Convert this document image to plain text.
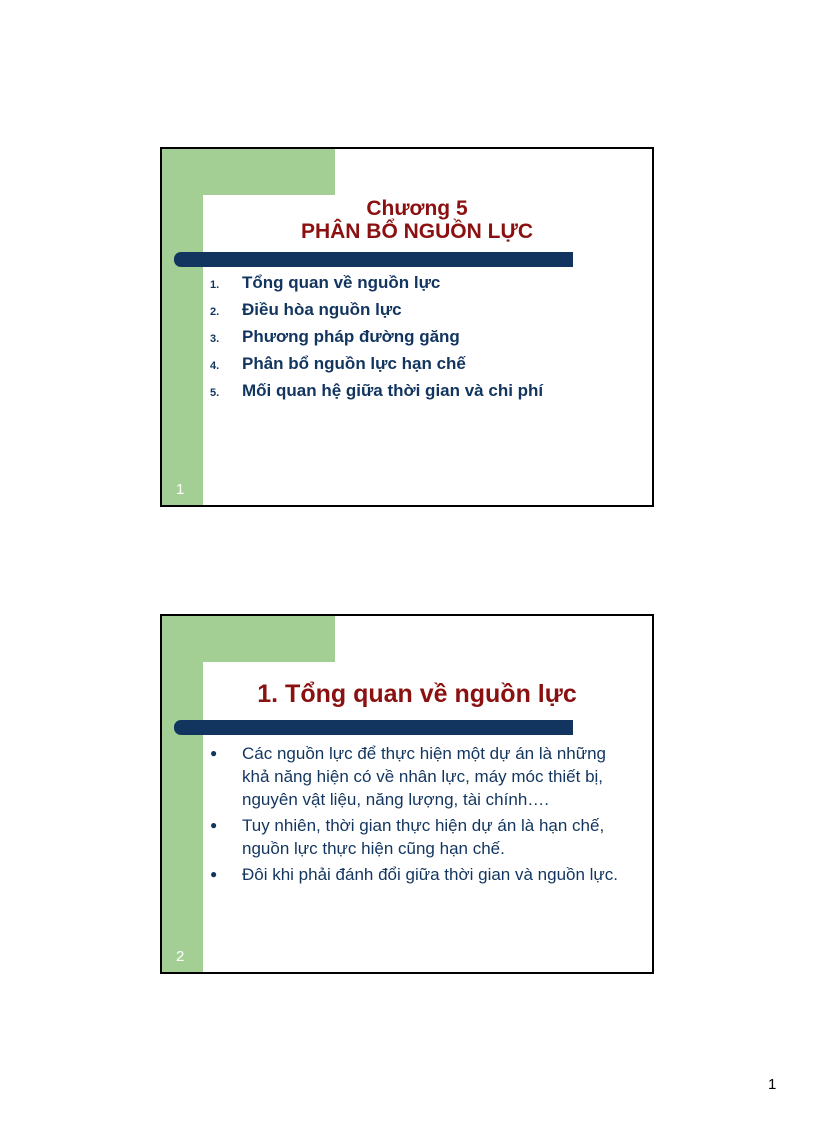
Chương 5
PHÂN BỔ NGUỒN LỰC
1.	Tổng quan về nguồn lực
2.	Điều hòa nguồn lực
3.	Phương pháp đường găng
4.	Phân bổ nguồn lực hạn chế
5.	Mối quan hệ giữa thời gian và chi phí
1
1. Tổng quan về nguồn lực
●	Các nguồn lực để thực hiện một dự án là những khả năng hiện có về nhân lực, máy móc thiết bị, nguyên vật liệu, năng lượng, tài chính….
●	Tuy nhiên, thời gian thực hiện dự án là hạn chế, nguồn lực thực hiện cũng hạn chế.
●	Đôi khi phải đánh đổi giữa thời gian và nguồn lực.
2
1
